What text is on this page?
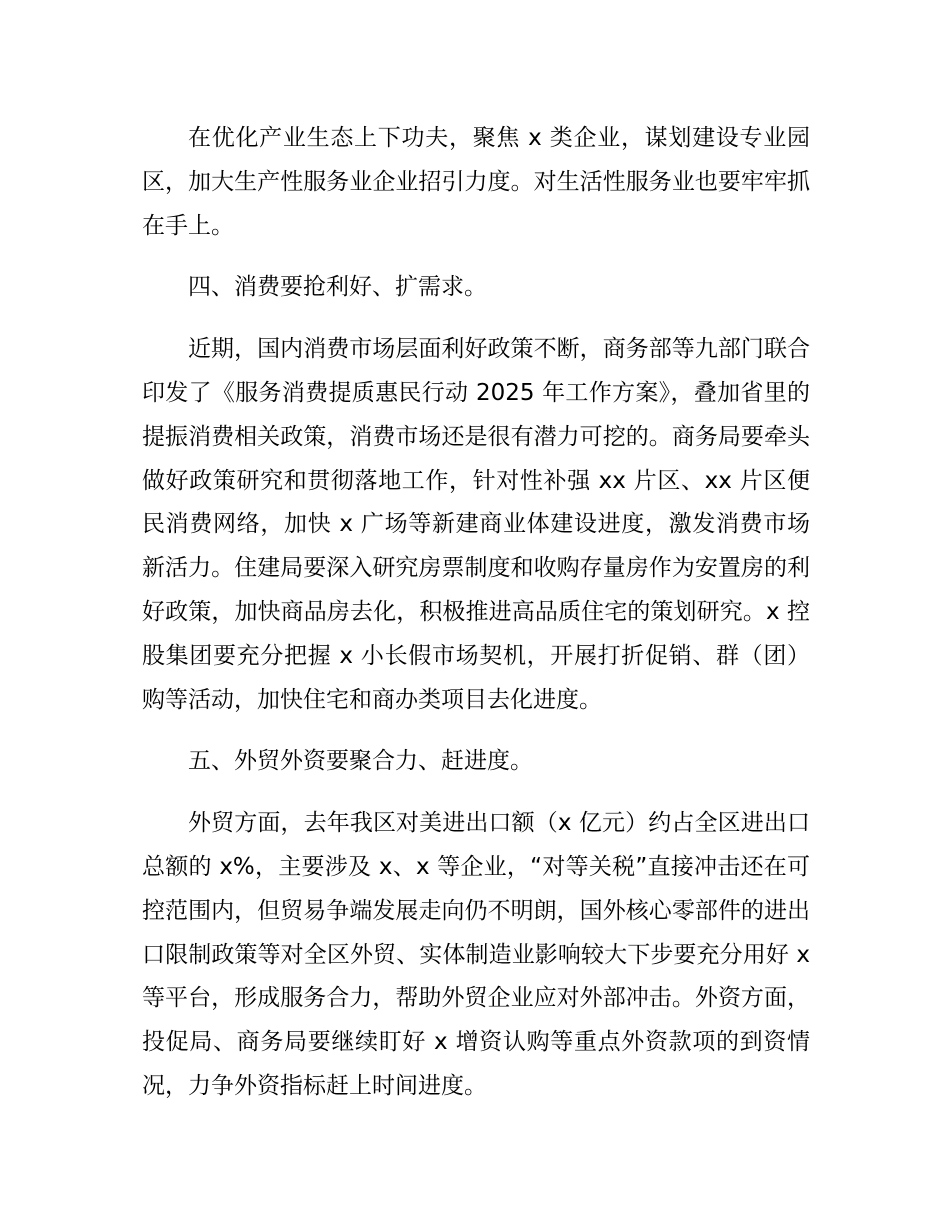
在优化产业生态上下功夫，聚焦 x 类企业，谋划建设专业园区，加大生产性服务业企业招引力度。对生活性服务业也要牢牢抓在手上。

四、消费要抢利好、扩需求。

近期，国内消费市场层面利好政策不断，商务部等九部门联合印发了《服务消费提质惠民行动 2025 年工作方案》，叠加省里的提振消费相关政策，消费市场还是很有潜力可挖的。商务局要牵头做好政策研究和贯彻落地工作，针对性补强 xx 片区、xx 片区便民消费网络，加快 x 广场等新建商业体建设进度，激发消费市场新活力。住建局要深入研究房票制度和收购存量房作为安置房的利好政策，加快商品房去化，积极推进高品质住宅的策划研究。x 控股集团要充分把握 x 小长假市场契机，开展打折促销、群（团）购等活动，加快住宅和商办类项目去化进度。

五、外贸外资要聚合力、赶进度。

外贸方面，去年我区对美进出口额（x 亿元）约占全区进出口总额的 x%，主要涉及 x、x 等企业，“对等关税”直接冲击还在可控范围内，但贸易争端发展走向仍不明朗，国外核心零部件的进出口限制政策等对全区外贸、实体制造业影响较大下步要充分用好 x 等平台，形成服务合力，帮助外贸企业应对外部冲击。外资方面，投促局、商务局要继续盯好 x 增资认购等重点外资款项的到资情况，力争外资指标赶上时间进度。
